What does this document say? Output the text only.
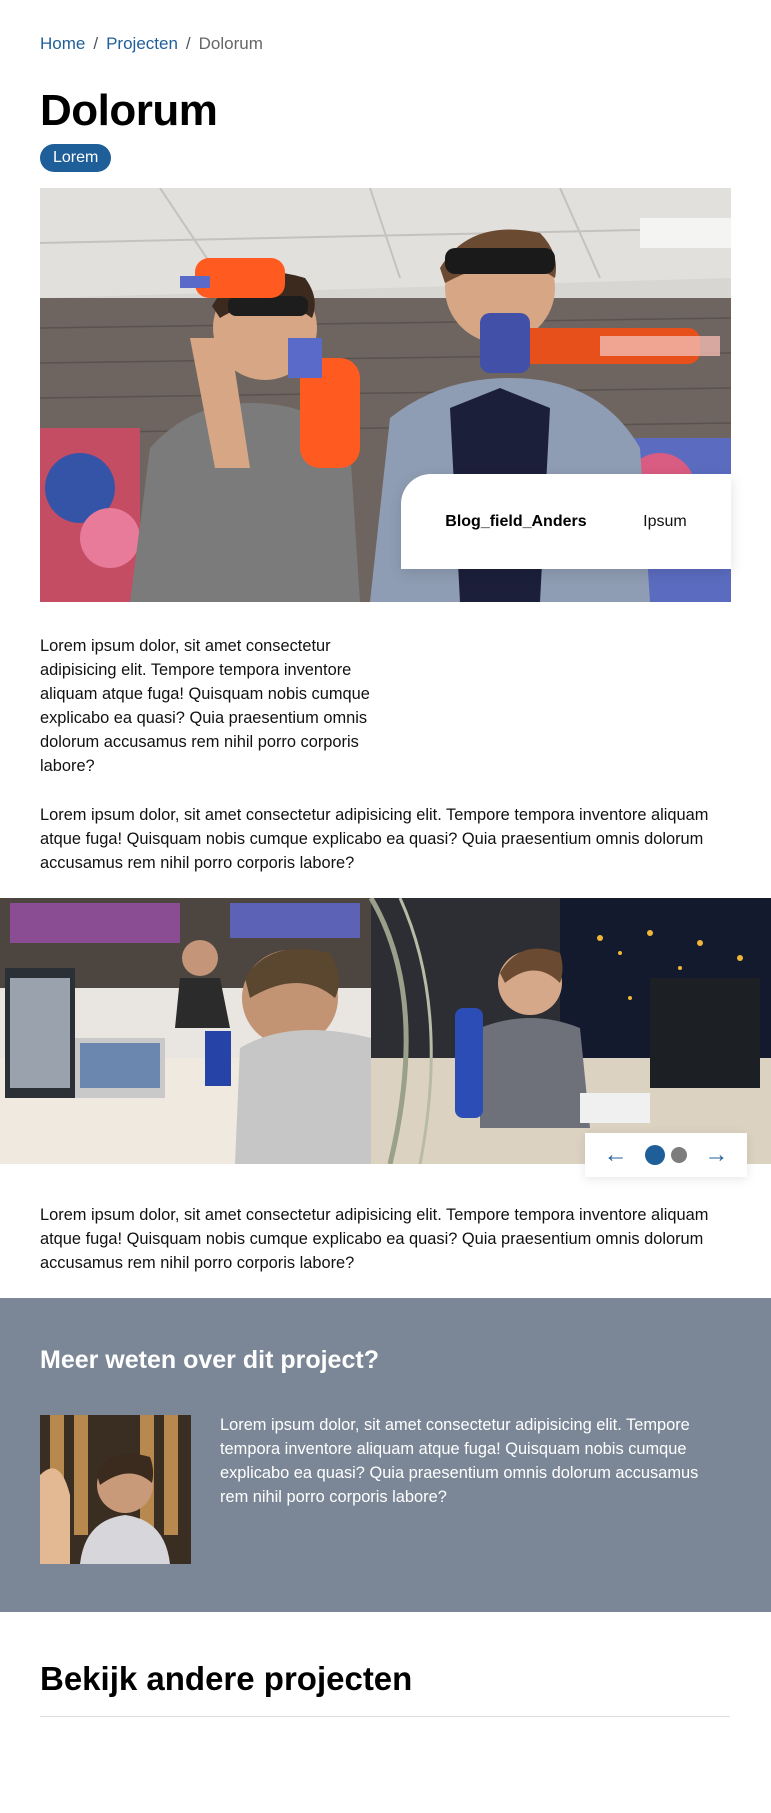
Home / Projecten / Dolorum
Dolorum
Lorem
Blog_field_Anders	Ipsum

Lorem ipsum dolor, sit amet consectetur adipisicing elit. Tempore tempora inventore aliquam atque fuga! Quisquam nobis cumque explicabo ea quasi? Quia praesentium omnis dolorum accusamus rem nihil porro corporis labore?

Lorem ipsum dolor, sit amet consectetur adipisicing elit. Tempore tempora inventore aliquam atque fuga! Quisquam nobis cumque explicabo ea quasi? Quia praesentium omnis dolorum accusamus rem nihil porro corporis labore?

←	→

Lorem ipsum dolor, sit amet consectetur adipisicing elit. Tempore tempora inventore aliquam atque fuga! Quisquam nobis cumque explicabo ea quasi? Quia praesentium omnis dolorum accusamus rem nihil porro corporis labore?

Meer weten over dit project?

Lorem ipsum dolor, sit amet consectetur adipisicing elit. Tempore tempora inventore aliquam atque fuga! Quisquam nobis cumque explicabo ea quasi? Quia praesentium omnis dolorum accusamus rem nihil porro corporis labore?

Bekijk andere projecten
